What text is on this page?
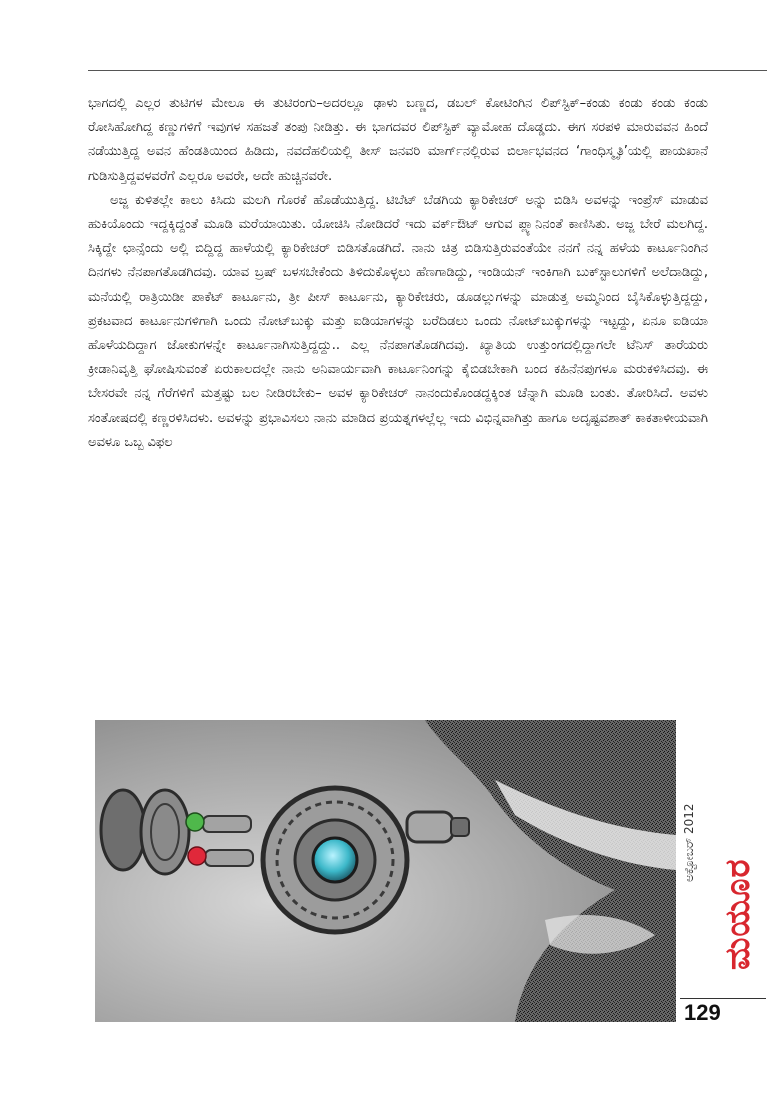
ಭಾಗದಲ್ಲಿ ಎಲ್ಲರ ತುಟಿಗಳ ಮೇಲೂ ಈ ತುಟಿರಂಗು–ಅದರಲ್ಲೂ ಢಾಳು ಬಣ್ಣದ, ಡಬಲ್ ಕೋಟಿಂಗಿನ ಲಿಪ್‌ಸ್ಟಿಕ್–ಕಂಡು ಕಂಡು ಕಂಡು ಕಂಡು ರೋಸಿಹೋಗಿದ್ದ ಕಣ್ಣುಗಳಿಗೆ ಇವುಗಳ ಸಹಜತೆ ತಂಪು ನೀಡಿತ್ತು. ಈ ಭಾಗದವರ ಲಿಪ್‌ಸ್ಟಿಕ್ ವ್ಯಾಮೋಹ ದೊಡ್ಡದು. ಈಗ ಸರಪಳಿ ಮಾರುವವನ ಹಿಂದೆ ನಡೆಯುತ್ತಿದ್ದ ಅವನ ಹೆಂಡತಿಯಿಂದ ಹಿಡಿದು, ನವದೆಹಲಿಯಲ್ಲಿ ತೀಸ್ ಜನವರಿ ಮಾರ್ಗ್‌ನಲ್ಲಿರುವ ಬಿರ್ಲಾಭವನದ ‘ಗಾಂಧಿಸ್ಮೃತಿ’ಯಲ್ಲಿ ಪಾಯಖಾನೆ ಗುಡಿಸುತ್ತಿದ್ದವಳವರೆಗೆ ಎಲ್ಲರೂ ಅವರೇ, ಅದೇ ಹುಚ್ಚಿನವರೇ.

ಅಜ್ಜ ಕುಳಿತಲ್ಲೇ ಕಾಲು ಕಿಸಿದು ಮಲಗಿ ಗೊರಕೆ ಹೊಡೆಯುತ್ತಿದ್ದ. ಟಿಬೆಟ್ ಬೆಡಗಿಯ ಕ್ಯಾರಿಕೇಚರ್ ಅನ್ನು ಬಿಡಿಸಿ ಅವಳನ್ನು ಇಂಪ್ರೆಸ್ ಮಾಡುವ ಹುಕಿಯೊಂದು ಇದ್ದಕ್ಕಿದ್ದಂತೆ ಮೂಡಿ ಮರೆಯಾಯಿತು. ಯೋಚಿಸಿ ನೋಡಿದರೆ ಇದು ವರ್ಕ್‌ಔಟ್ ಆಗುವ ಪ್ಲ್ಯಾನಿನಂತೆ ಕಾಣಿಸಿತು. ಅಜ್ಜ ಬೇರೆ ಮಲಗಿದ್ದ. ಸಿಕ್ಕಿದ್ದೇ ಛಾನ್ಸೆಂದು ಅಲ್ಲಿ ಬಿದ್ದಿದ್ದ ಹಾಳೆಯಲ್ಲಿ ಕ್ಯಾರಿಕೇಚರ್ ಬಿಡಿಸತೊಡಗಿದೆ. ನಾನು ಚಿತ್ರ ಬಿಡಿಸುತ್ತಿರುವಂತೆಯೇ ನನಗೆ ನನ್ನ ಹಳೆಯ ಕಾರ್ಟೂನಿಂಗಿನ ದಿನಗಳು ನೆನಪಾಗತೊಡಗಿದವು. ಯಾವ ಬ್ರಷ್ ಬಳಸಬೇಕೆಂದು ತಿಳಿದುಕೊಳ್ಳಲು ಹೆಣಗಾಡಿದ್ದು, ಇಂಡಿಯನ್ ಇಂಕಿಗಾಗಿ ಬುಕ್‌ಸ್ಟಾಲುಗಳಿಗೆ ಅಲೆದಾಡಿದ್ದು, ಮನೆಯಲ್ಲಿ ರಾತ್ರಿಯಿಡೀ ಪಾಕೆಟ್ ಕಾರ್ಟೂನು, ತ್ರೀ ಪೀಸ್ ಕಾರ್ಟೂನು, ಕ್ಯಾರಿಕೇಚರು, ಡೂಡಲ್ಲುಗಳನ್ನು ಮಾಡುತ್ತ ಅಮ್ಮನಿಂದ ಬೈಸಿಕೊಳ್ಳುತ್ತಿದ್ದದ್ದು, ಪ್ರಕಟವಾದ ಕಾರ್ಟೂನುಗಳಿಗಾಗಿ ಒಂದು ನೋಟ್‌ಬುಕ್ಕು ಮತ್ತು ಐಡಿಯಾಗಳನ್ನು ಬರೆದಿಡಲು ಒಂದು ನೋಟ್‌ಬುಕ್ಕುಗಳನ್ನು ಇಟ್ಟದ್ದು, ಏನೂ ಐಡಿಯಾ ಹೊಳೆಯದಿದ್ದಾಗ ಜೋಕುಗಳನ್ನೇ ಕಾರ್ಟೂನಾಗಿಸುತ್ತಿದ್ದದ್ದು.. ಎಲ್ಲ ನೆನಪಾಗತೊಡಗಿದವು. ಖ್ಯಾತಿಯ ಉತ್ತುಂಗದಲ್ಲಿದ್ದಾಗಲೇ ಟೆನಿಸ್ ತಾರೆಯರು ಕ್ರೀಡಾನಿವೃತ್ತಿ ಘೋಷಿಸುವಂತೆ ಏರುಕಾಲದಲ್ಲೇ ನಾನು ಅನಿವಾರ್ಯವಾಗಿ ಕಾರ್ಟೂನಿಂಗನ್ನು ಕೈಬಿಡಬೇಕಾಗಿ ಬಂದ ಕಹಿನೆನಪುಗಳೂ ಮರುಕಳಿಸಿದವು. ಈ ಬೇಸರವೇ ನನ್ನ ಗೆರೆಗಳಿಗೆ ಮತ್ತಷ್ಟು ಬಲ ನೀಡಿರಬೇಕು– ಅವಳ ಕ್ಯಾರಿಕೇಚರ್ ನಾನಂದುಕೊಂಡದ್ದಕ್ಕಿಂತ ಚೆನ್ನಾಗಿ ಮೂಡಿ ಬಂತು. ತೋರಿಸಿದೆ. ಅವಳು ಸಂತೋಷದಲ್ಲಿ ಕಣ್ಣರಳಿಸಿದಳು. ಅವಳನ್ನು ಪ್ರಭಾವಿಸಲು ನಾನು ಮಾಡಿದ ಪ್ರಯತ್ನಗಳಲ್ಲೆಲ್ಲ ಇದು ವಿಭಿನ್ನವಾಗಿತ್ತು ಹಾಗೂ ಅದೃಷ್ಟವಶಾತ್ ಕಾಕತಾಳೀಯವಾಗಿ ಅವಳೂ ಒಬ್ಬ ವಿಫಲ

ಮಯೂರ
ಅಕ್ಟೋಬರ್ 2012
129
